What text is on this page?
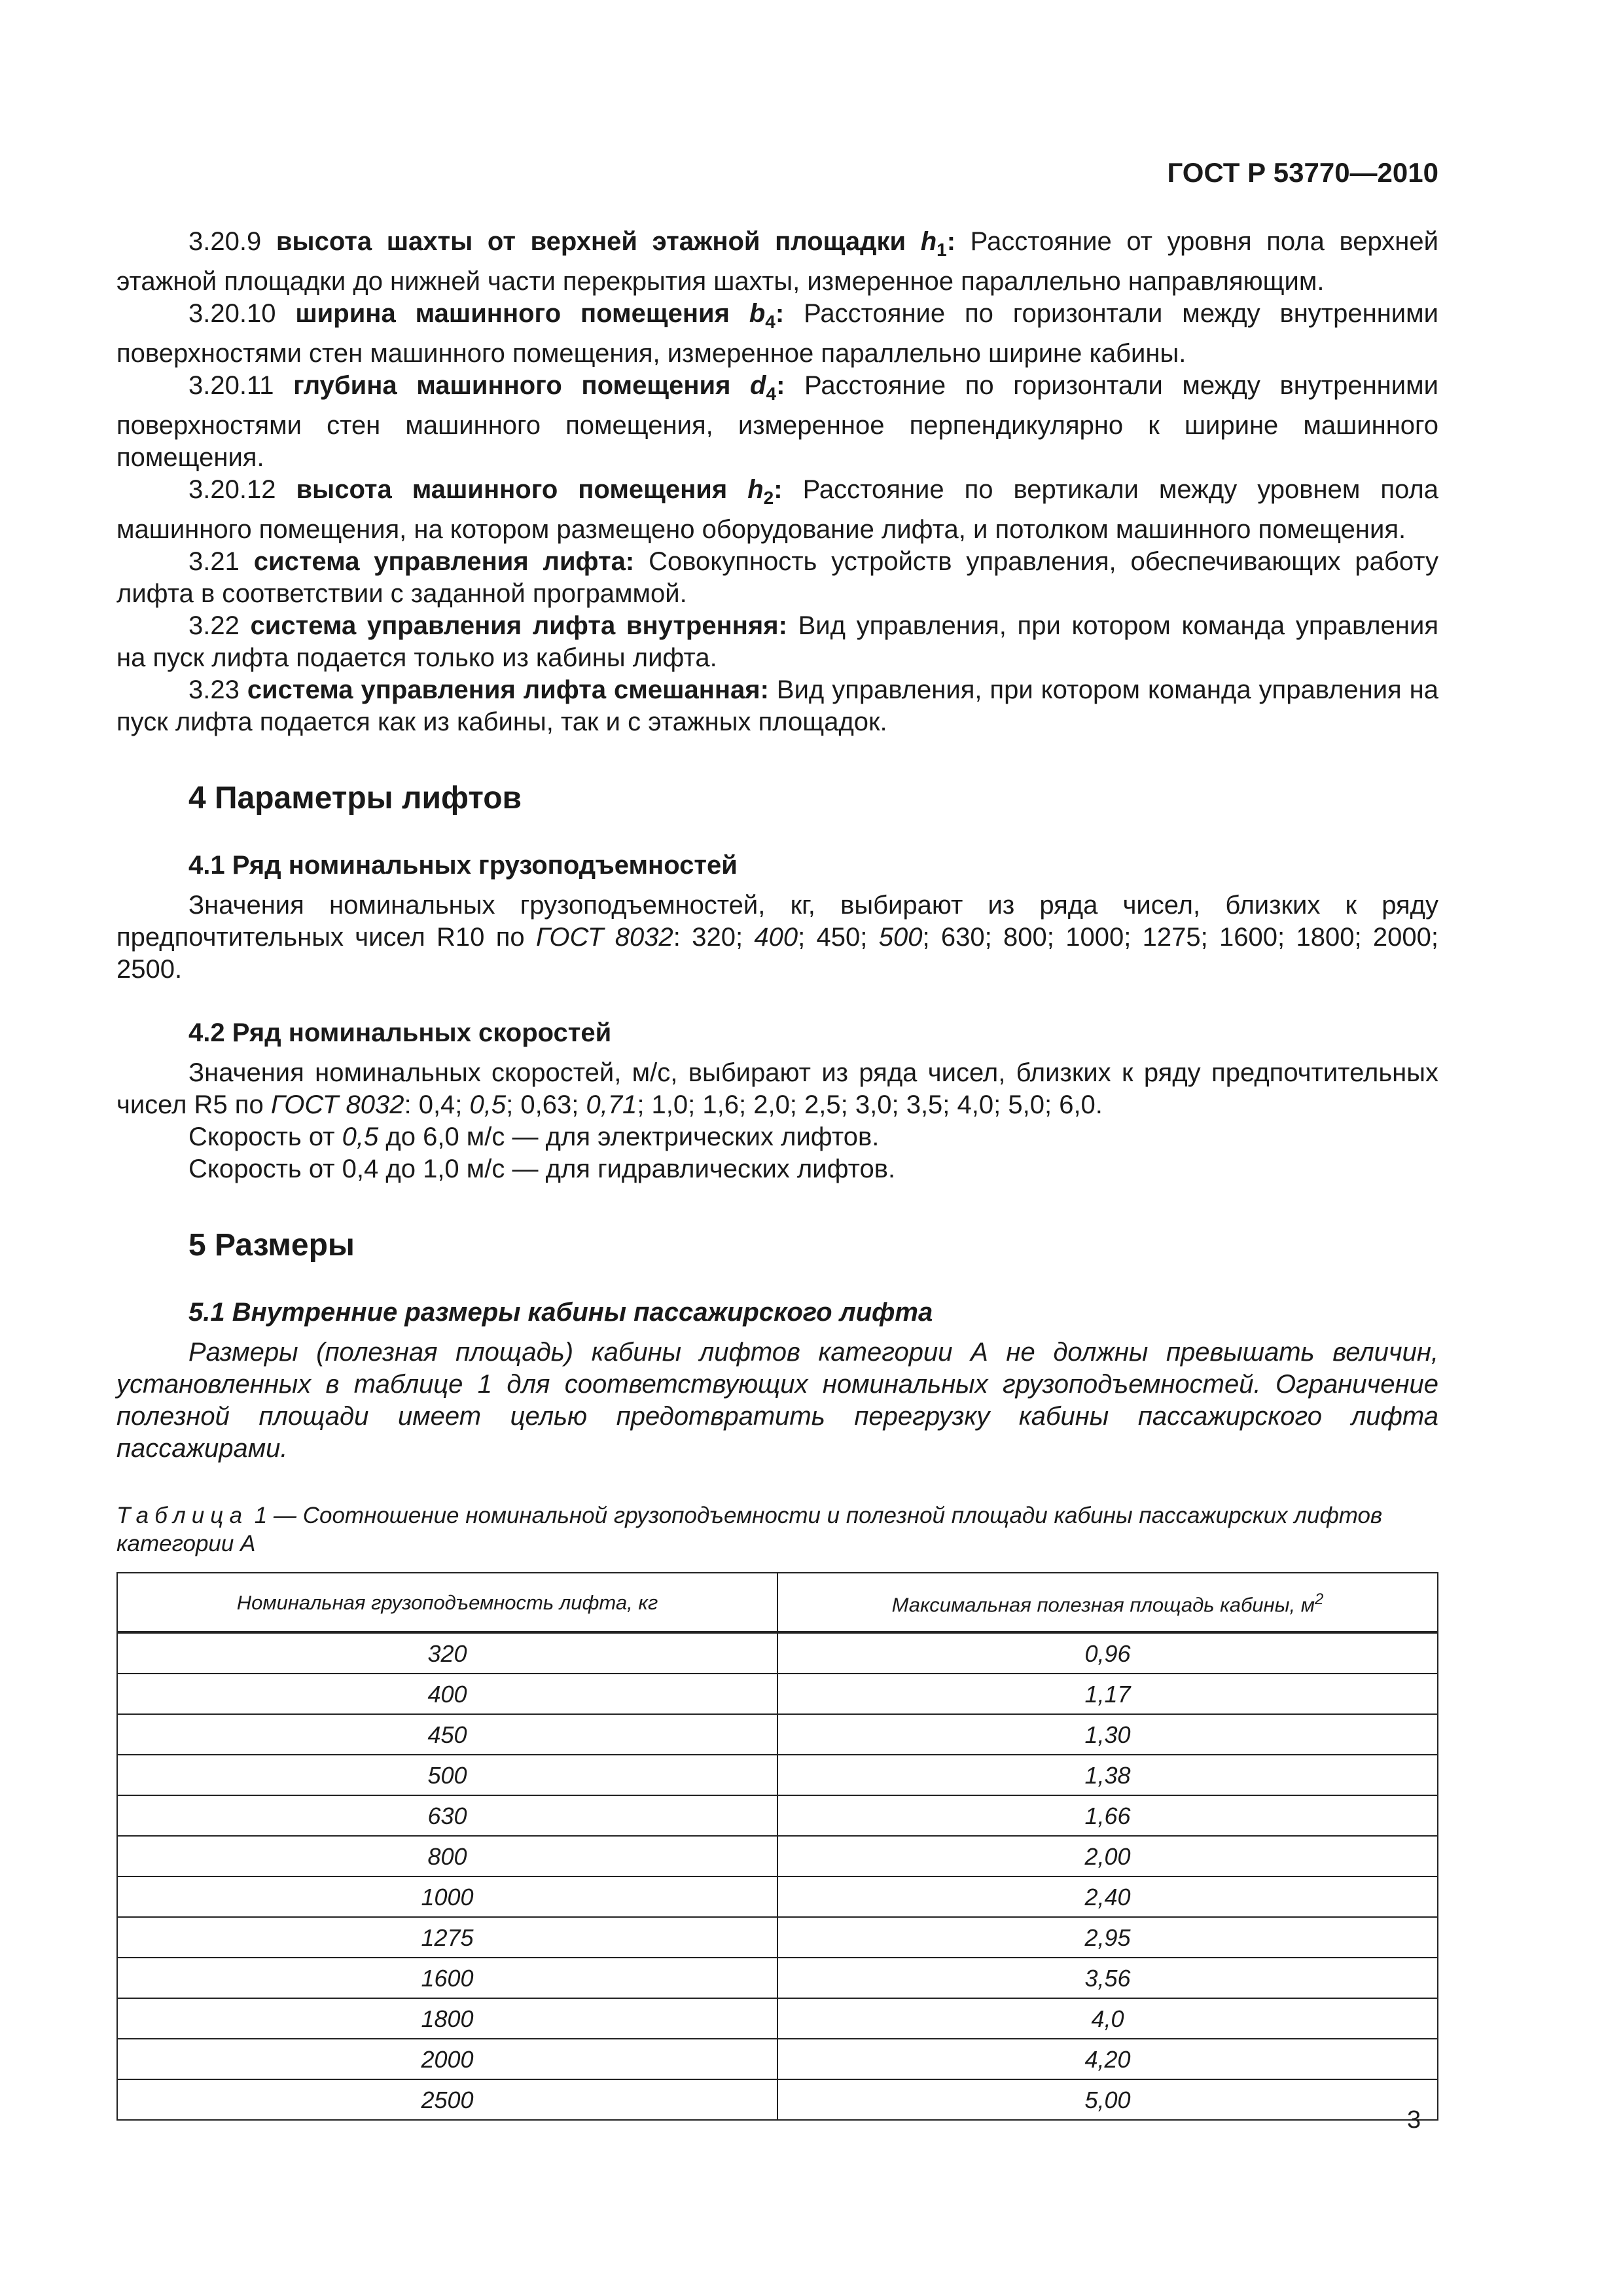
ГОСТ Р 53770—2010

3.20.9 высота шахты от верхней этажной площадки $h_1$: Расстояние от уровня пола верхней этажной площадки до нижней части перекрытия шахты, измеренное параллельно направляющим.

3.20.10 ширина машинного помещения $b_4$: Расстояние по горизонтали между внутренними поверхностями стен машинного помещения, измеренное параллельно ширине кабины.

3.20.11 глубина машинного помещения $d_4$: Расстояние по горизонтали между внутренними поверхностями стен машинного помещения, измеренное перпендикулярно к ширине машинного помещения.

3.20.12 высота машинного помещения $h_2$: Расстояние по вертикали между уровнем пола машинного помещения, на котором размещено оборудование лифта, и потолком машинного помещения.

3.21 система управления лифта: Совокупность устройств управления, обеспечивающих работу лифта в соответствии с заданной программой.

3.22 система управления лифта внутренняя: Вид управления, при котором команда управления на пуск лифта подается только из кабины лифта.

3.23 система управления лифта смешанная: Вид управления, при котором команда управления на пуск лифта подается как из кабины, так и с этажных площадок.

4 Параметры лифтов
4.1 Ряд номинальных грузоподъемностей

Значения номинальных грузоподъемностей, кг, выбирают из ряда чисел, близких к ряду предпочтительных чисел R10 по ГОСТ 8032: 320; 400; 450; 500; 630; 800; 1000; 1275; 1600; 1800; 2000; 2500.

4.2 Ряд номинальных скоростей

Значения номинальных скоростей, м/с, выбирают из ряда чисел, близких к ряду предпочтительных чисел R5 по ГОСТ 8032: 0,4; 0,5; 0,63; 0,71; 1,0; 1,6; 2,0; 2,5; 3,0; 3,5; 4,0; 5,0; 6,0.

Скорость от 0,5 до 6,0 м/с — для электрических лифтов.

Скорость от 0,4 до 1,0 м/с — для гидравлических лифтов.

5 Размеры
5.1 Внутренние размеры кабины пассажирского лифта

Размеры (полезная площадь) кабины лифтов категории А не должны превышать величин, установленных в таблице 1 для соответствующих номинальных грузоподъемностей. Ограничение полезной площади имеет целью предотвратить перегрузку кабины пассажирского лифта пассажирами.

Таблица 1 — Соотношение номинальной грузоподъемности и полезной площади кабины пассажирских лифтов категории А
Номинальная грузоподъемность лифта, кг	Максимальная полезная площадь кабины, $м^2$
320	0,96
400	1,17
450	1,30
500	1,38
630	1,66
800	2,00
1000	2,40
1275	2,95
1600	3,56
1800	4,0
2000	4,20
2500	5,00
3
